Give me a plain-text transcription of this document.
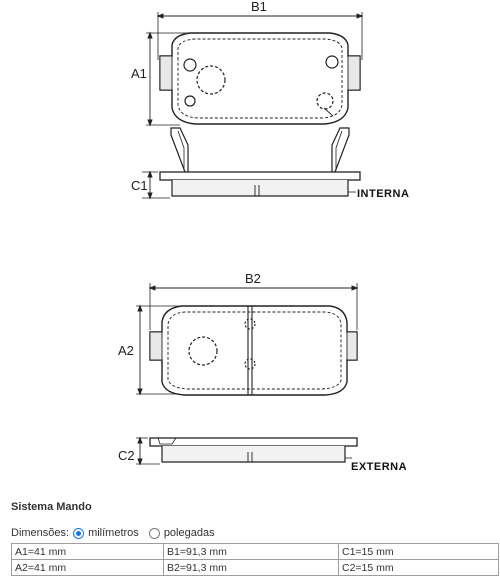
B1
A1
C1
INTERNA
B2
A2
C2
EXTERNA
Sistema Mando
Dimensões: milímetros polegadas
A1=41 mm	B1=91,3 mm	C1=15 mm
A2=41 mm	B2=91,3 mm	C2=15 mm
